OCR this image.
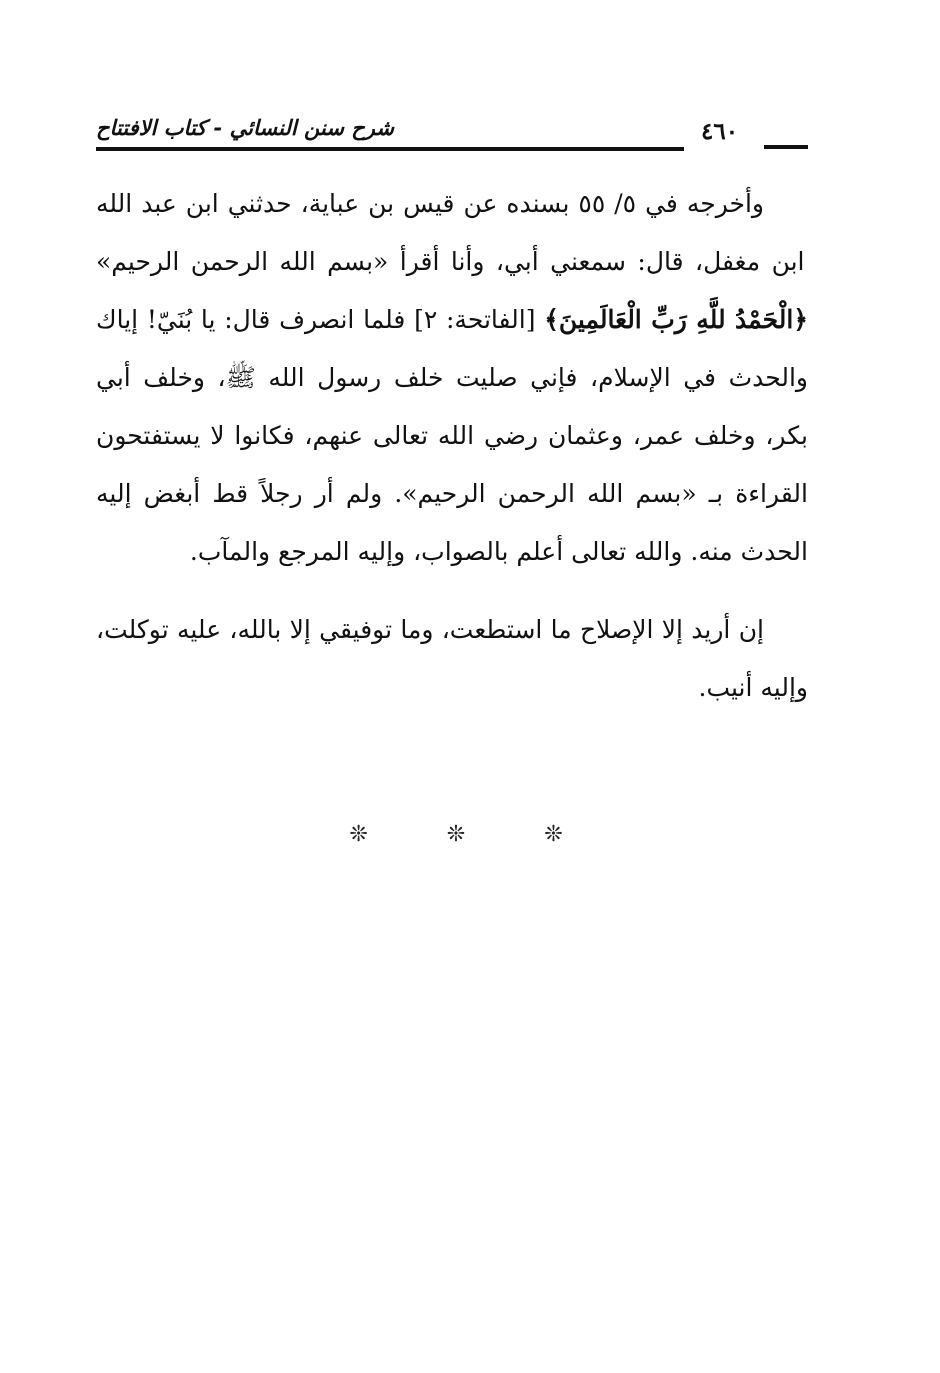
شرح سنن النسائي - كتاب الافتتاح	٤٦٠

وأخرجه في ٥/ ٥٥ بسنده عن قيس بن عباية، حدثني ابن عبد الله ابن مغفل، قال: سمعني أبي، وأنا أقرأ «بسم الله الرحمن الرحيم» ﴿الْحَمْدُ للَّهِ رَبِّ الْعَالَمِينَ﴾ [الفاتحة: ٢] فلما انصرف قال: يا بُنَيّ! إياك والحدث في الإسلام، فإني صليت خلف رسول الله ﷺ، وخلف أبي بكر، وخلف عمر، وعثمان رضي الله تعالى عنهم، فكانوا لا يستفتحون القراءة بـ «بسم الله الرحمن الرحيم». ولم أر رجلاً قط أبغض إليه الحدث منه. والله تعالى أعلم بالصواب، وإليه المرجع والمآب.

إن أريد إلا الإصلاح ما استطعت، وما توفيقي إلا بالله، عليه توكلت، وإليه أنيب.

❊ ❊ ❊
